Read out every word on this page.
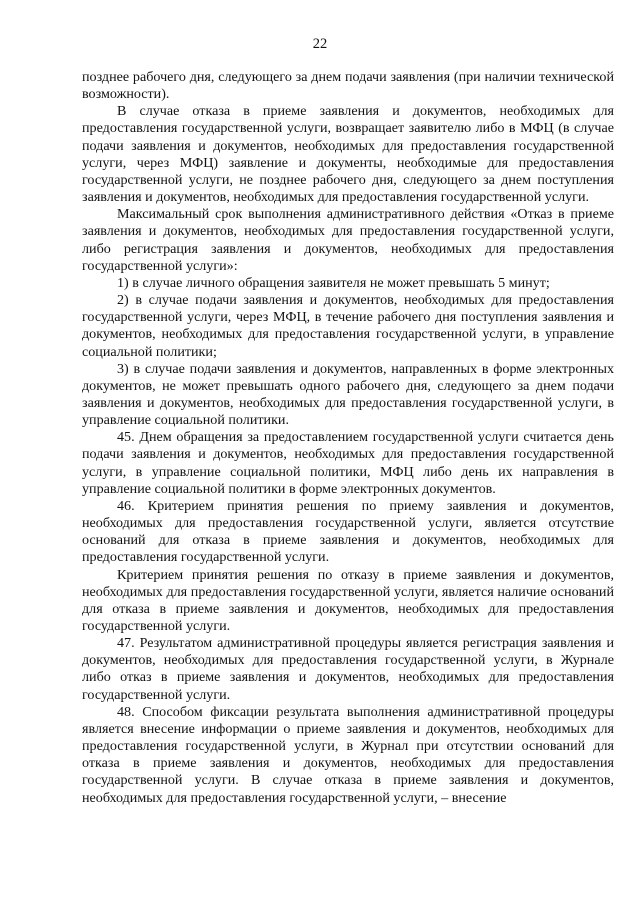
22

позднее рабочего дня, следующего за днем подачи заявления (при наличии технической возможности).

В случае отказа в приеме заявления и документов, необходимых для предоставления государственной услуги, возвращает заявителю либо в МФЦ (в случае подачи заявления и документов, необходимых для предоставления государственной услуги, через МФЦ) заявление и документы, необходимые для предоставления государственной услуги, не позднее рабочего дня, следующего за днем поступления заявления и документов, необходимых для предоставления государственной услуги.

Максимальный срок выполнения административного действия «Отказ в приеме заявления и документов, необходимых для предоставления государственной услуги, либо регистрация заявления и документов, необходимых для предоставления государственной услуги»:

1) в случае личного обращения заявителя не может превышать 5 минут;

2) в случае подачи заявления и документов, необходимых для предоставления государственной услуги, через МФЦ, в течение рабочего дня поступления заявления и документов, необходимых для предоставления государственной услуги, в управление социальной политики;

3) в случае подачи заявления и документов, направленных в форме электронных документов, не может превышать одного рабочего дня, следующего за днем подачи заявления и документов, необходимых для предоставления государственной услуги, в управление социальной политики.

45. Днем обращения за предоставлением государственной услуги считается день подачи заявления и документов, необходимых для предоставления государственной услуги, в управление социальной политики, МФЦ либо день их направления в управление социальной политики в форме электронных документов.

46. Критерием принятия решения по приему заявления и документов, необходимых для предоставления государственной услуги, является отсутствие оснований для отказа в приеме заявления и документов, необходимых для предоставления государственной услуги.

Критерием принятия решения по отказу в приеме заявления и документов, необходимых для предоставления государственной услуги, является наличие оснований для отказа в приеме заявления и документов, необходимых для предоставления государственной услуги.

47. Результатом административной процедуры является регистрация заявления и документов, необходимых для предоставления государственной услуги, в Журнале либо отказ в приеме заявления и документов, необходимых для предоставления государственной услуги.

48. Способом фиксации результата выполнения административной процедуры является внесение информации о приеме заявления и документов, необходимых для предоставления государственной услуги, в Журнал при отсутствии оснований для отказа в приеме заявления и документов, необходимых для предоставления государственной услуги. В случае отказа в приеме заявления и документов, необходимых для предоставления государственной услуги, – внесение
